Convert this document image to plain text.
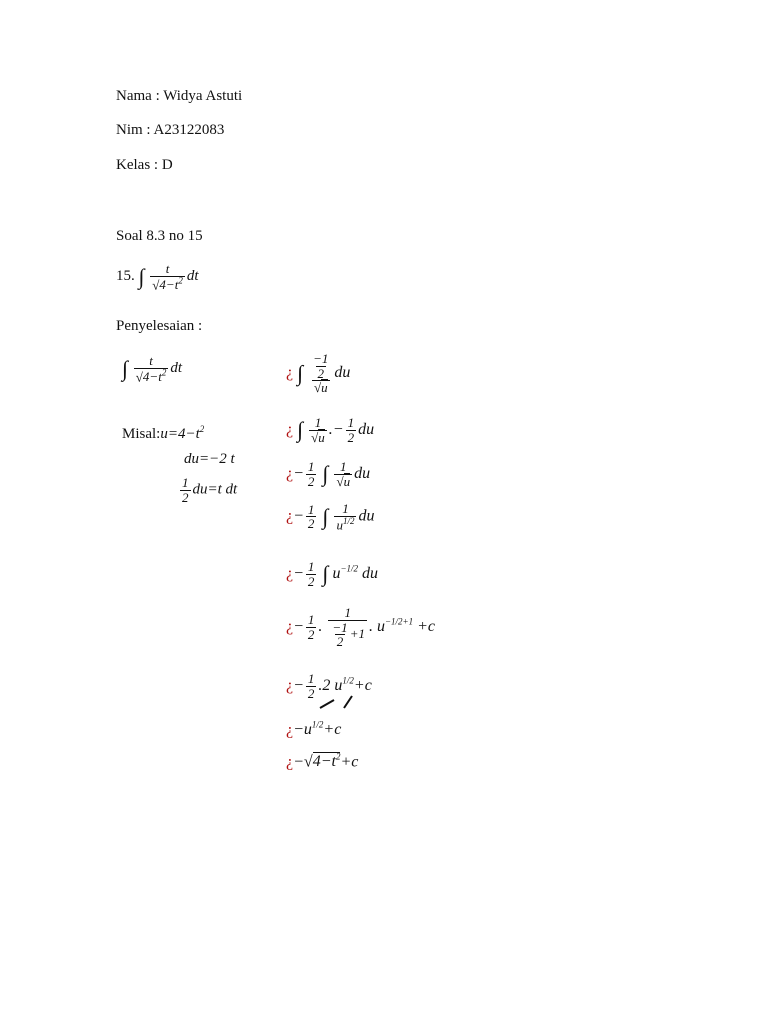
Nama : Widya Astuti
Nim : A23122083
Kelas : D
Soal 8.3 no 15
15. ∫ $\frac{t}{√4-t^2}$ dt
Penyelesaian :
∫ $\frac{t}{√4-t^2}$ dt
$Misal:u=4-t^2$
du=−2 t
$\frac{1}{2} du=t$ dt
¿ ∫ $\frac{\frac{-1}{2}}{√u}$ du
¿ ∫ $\frac{1}{√u}$ .− $\frac{1}{2}$ du
¿− $\frac{1}{2}$ ∫ $\frac{1}{√u}$ du
¿− $\frac{1}{2}$ ∫ $\frac{1}{u^{1/2}}$ du
¿− $\frac{1}{2}$ ∫ $u^{-1/2}$ du
¿− $\frac{1}{2}$ . $\frac{1}{\frac{-1}{2} +1}$ . $u^{-1/2+1} +c$
¿− $\frac{1}{2} .2$ $u^{1/2}+c$
¿$-u^{1/2}+c$
¿$-√4-t^2+c$
